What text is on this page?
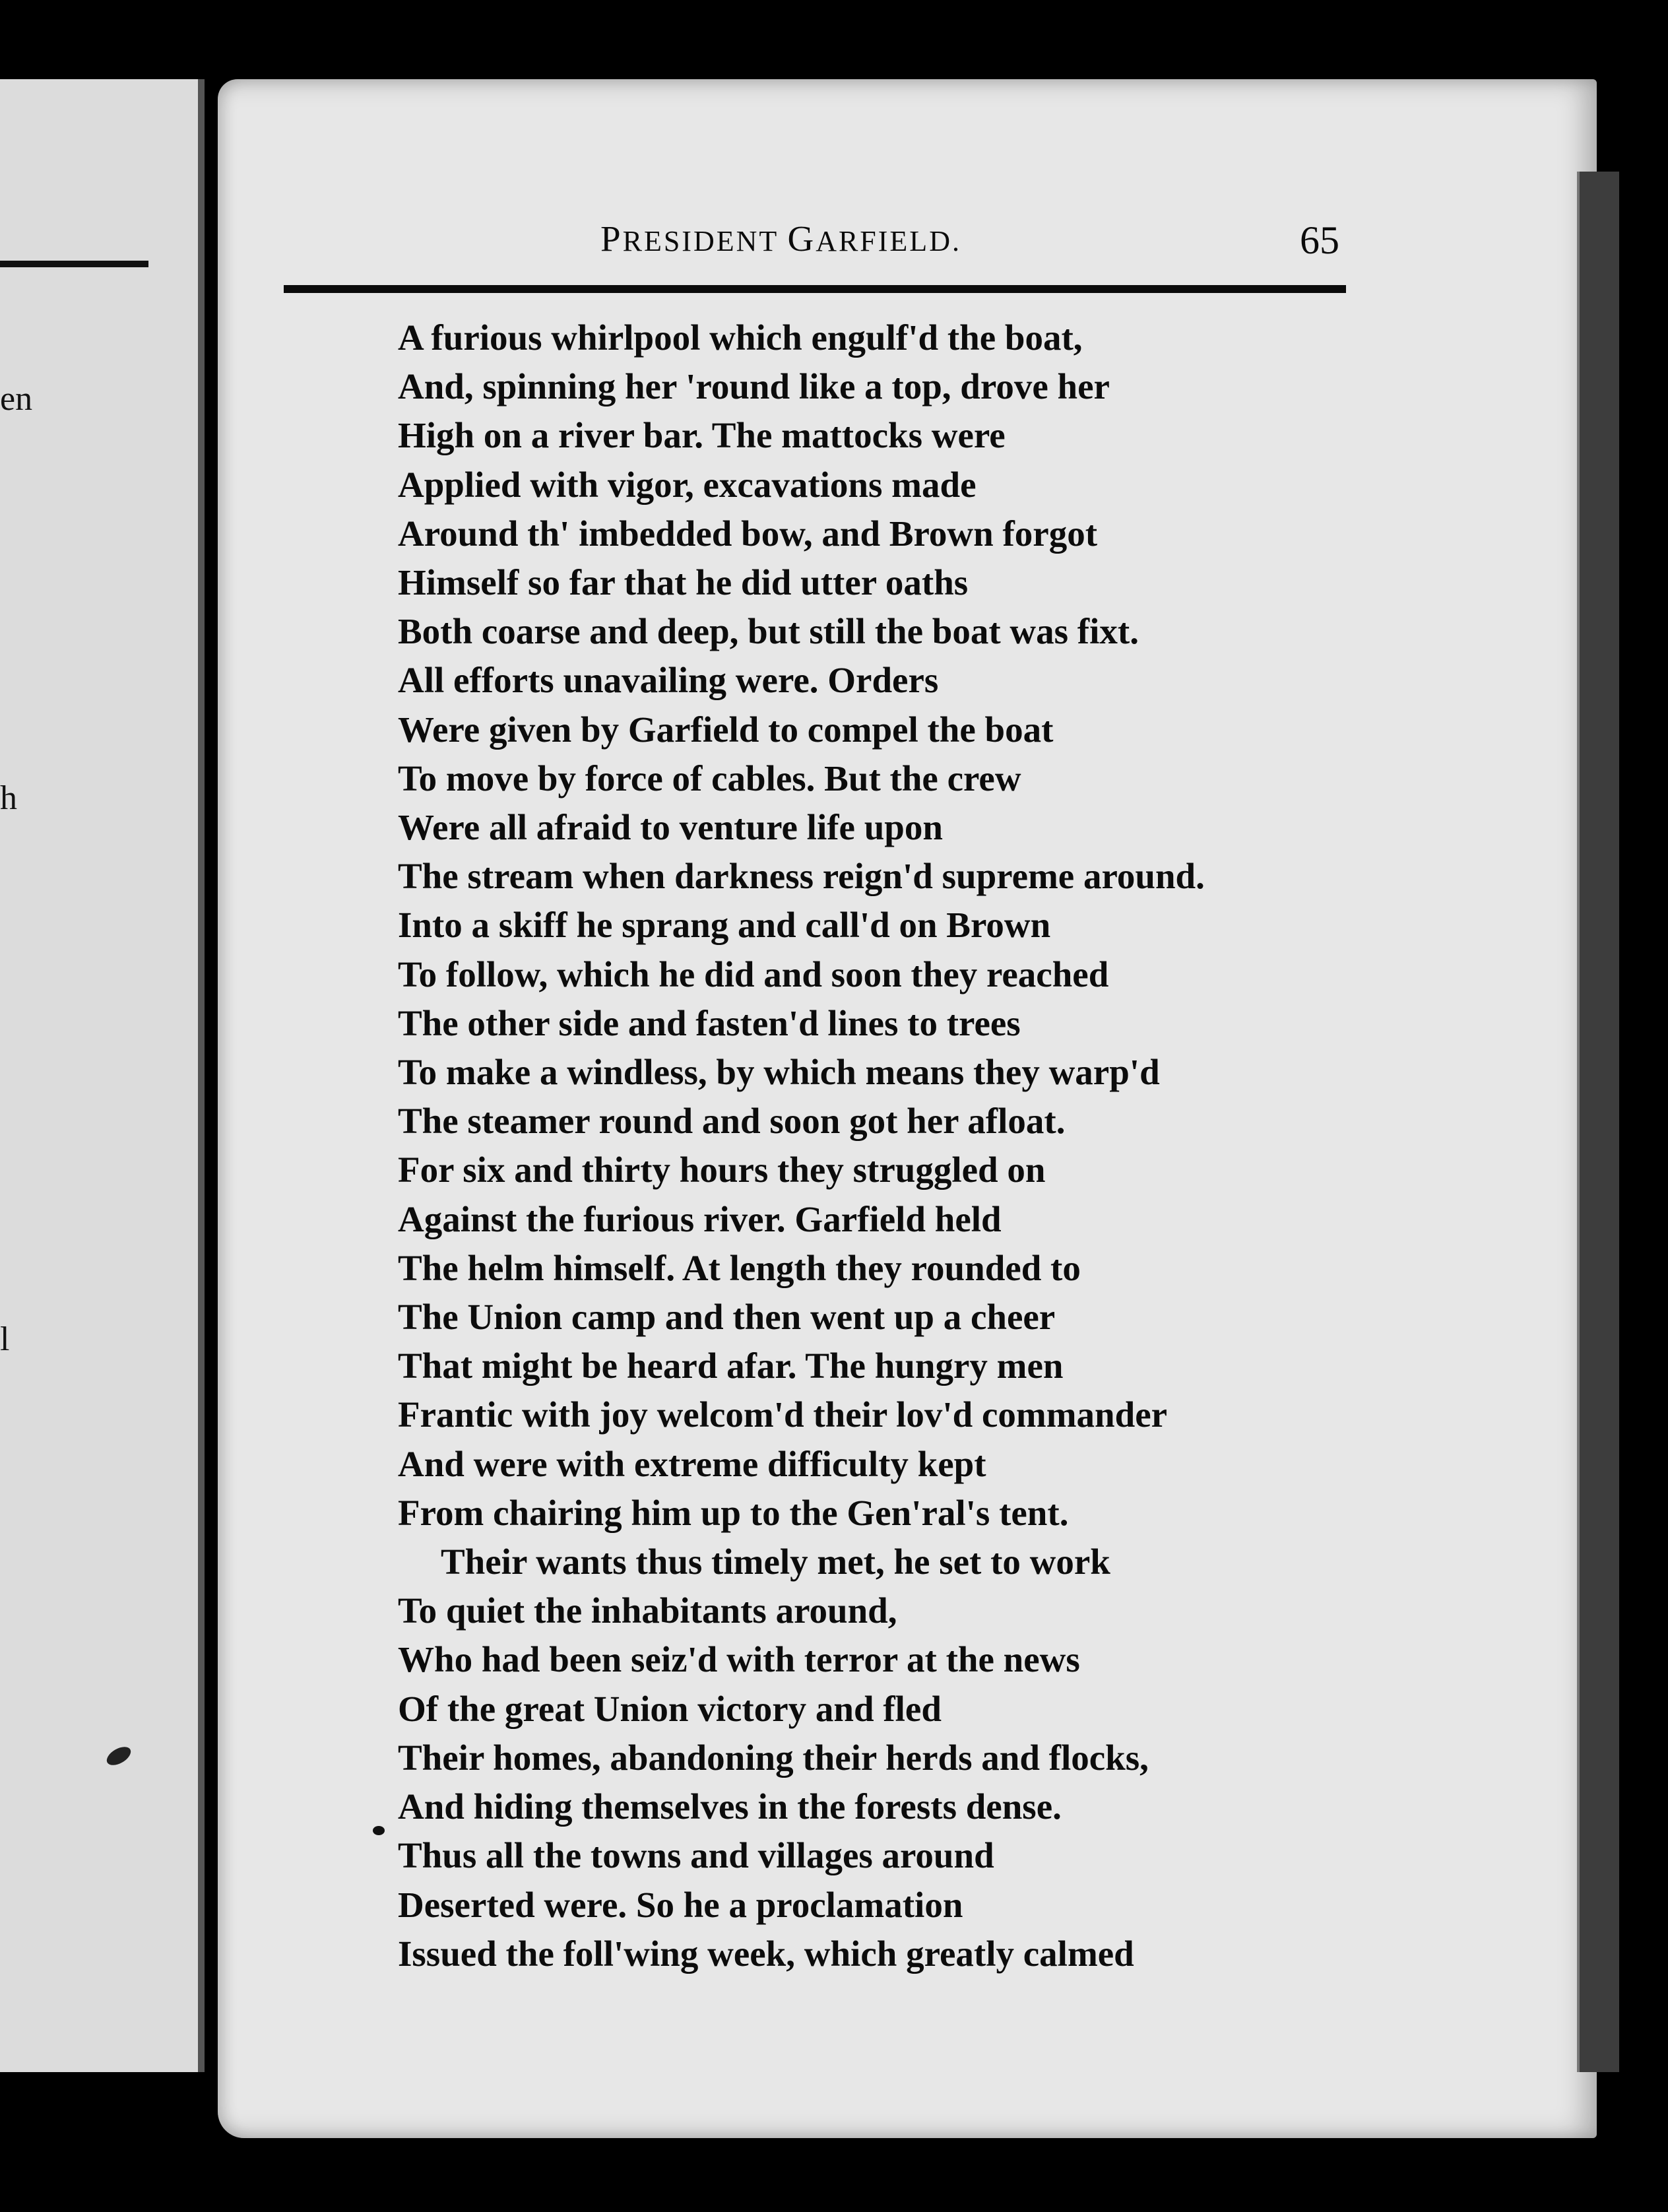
en
h
l
PRESIDENT GARFIELD.	65
A furious whirlpool which engulf'd the boat,
And, spinning her 'round like a top, drove her
High on a river bar. The mattocks were
Applied with vigor, excavations made
Around th' imbedded bow, and Brown forgot
Himself so far that he did utter oaths
Both coarse and deep, but still the boat was fixt.
All efforts unavailing were. Orders
Were given by Garfield to compel the boat
To move by force of cables. But the crew
Were all afraid to venture life upon
The stream when darkness reign'd supreme around.
Into a skiff he sprang and call'd on Brown
To follow, which he did and soon they reached
The other side and fasten'd lines to trees
To make a windless, by which means they warp'd
The steamer round and soon got her afloat.
For six and thirty hours they struggled on
Against the furious river. Garfield held
The helm himself. At length they rounded to
The Union camp and then went up a cheer
That might be heard afar. The hungry men
Frantic with joy welcom'd their lov'd commander
And were with extreme difficulty kept
From chairing him up to the Gen'ral's tent.
Their wants thus timely met, he set to work
To quiet the inhabitants around,
Who had been seiz'd with terror at the news
Of the great Union victory and fled
Their homes, abandoning their herds and flocks,
And hiding themselves in the forests dense.
Thus all the towns and villages around
Deserted were. So he a proclamation
Issued the foll'wing week, which greatly calmed
